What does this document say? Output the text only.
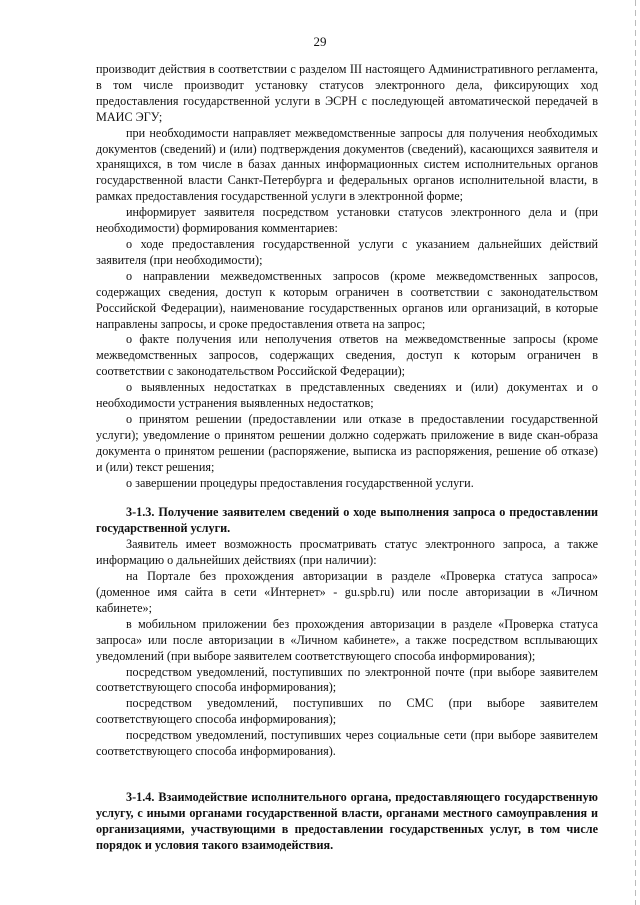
29

производит действия в соответствии с разделом III настоящего Административного регламента, в том числе производит установку статусов электронного дела, фиксирующих ход предоставления государственной услуги в ЭСРН с последующей автоматической передачей в МАИС ЭГУ;

при необходимости направляет межведомственные запросы для получения необходимых документов (сведений) и (или) подтверждения документов (сведений), касающихся заявителя и хранящихся, в том числе в базах данных информационных систем исполнительных органов государственной власти Санкт-Петербурга и федеральных органов исполнительной власти, в рамках предоставления государственной услуги в электронной форме;

информирует заявителя посредством установки статусов электронного дела и (при необходимости) формирования комментариев:

о ходе предоставления государственной услуги с указанием дальнейших действий заявителя (при необходимости);

о направлении межведомственных запросов (кроме межведомственных запросов, содержащих сведения, доступ к которым ограничен в соответствии с законодательством Российской Федерации), наименование государственных органов или организаций, в которые направлены запросы, и сроке предоставления ответа на запрос;

о факте получения или неполучения ответов на межведомственные запросы (кроме межведомственных запросов, содержащих сведения, доступ к которым ограничен в соответствии с законодательством Российской Федерации);

о выявленных недостатках в представленных сведениях и (или) документах и о необходимости устранения выявленных недостатков;

о принятом решении (предоставлении или отказе в предоставлении государственной услуги); уведомление о принятом решении должно содержать приложение в виде скан-образа документа о принятом решении (распоряжение, выписка из распоряжения, решение об отказе) и (или) текст решения;

о завершении процедуры предоставления государственной услуги.

3-1.3. Получение заявителем сведений о ходе выполнения запроса о предоставлении государственной услуги.

Заявитель имеет возможность просматривать статус электронного запроса, а также информацию о дальнейших действиях (при наличии):

на Портале без прохождения авторизации в разделе «Проверка статуса запроса» (доменное имя сайта в сети «Интернет» - gu.spb.ru) или после авторизации в «Личном кабинете»;

в мобильном приложении без прохождения авторизации в разделе «Проверка статуса запроса» или после авторизации в «Личном кабинете», а также посредством всплывающих уведомлений (при выборе заявителем соответствующего способа информирования);

посредством уведомлений, поступивших по электронной почте (при выборе заявителем соответствующего способа информирования);

посредством уведомлений, поступивших по СМС (при выборе заявителем соответствующего способа информирования);

посредством уведомлений, поступивших через социальные сети (при выборе заявителем соответствующего способа информирования).

3-1.4. Взаимодействие исполнительного органа, предоставляющего государственную услугу, с иными органами государственной власти, органами местного самоуправления и организациями, участвующими в предоставлении государственных услуг, в том числе порядок и условия такого взаимодействия.
